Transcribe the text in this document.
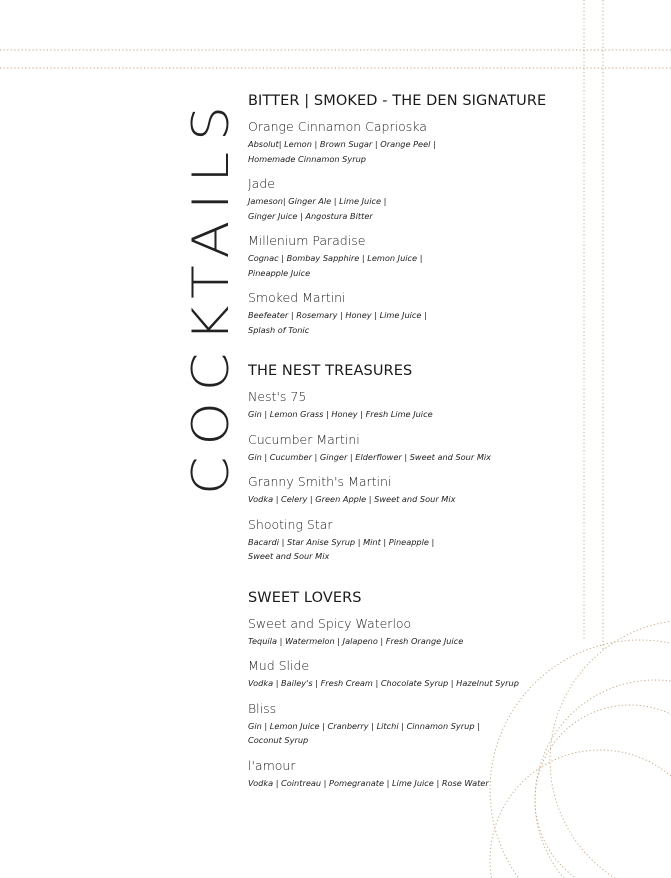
COCKTAILS
BITTER | SMOKED - THE DEN SIGNATURE
Orange Cinnamon Caprioska
Absolut| Lemon | Brown Sugar | Orange Peel |
Homemade Cinnamon Syrup
Jade
Jameson| Ginger Ale | Lime Juice |
Ginger Juice | Angostura Bitter
Millenium Paradise
Cognac | Bombay Sapphire | Lemon Juice |
Pineapple Juice
Smoked Martini
Beefeater | Rosemary | Honey | Lime Juice |
Splash of Tonic
THE NEST TREASURES
Nest's 75
Gin | Lemon Grass | Honey | Fresh Lime Juice
Cucumber Martini
Gin | Cucumber | Ginger | Elderflower | Sweet and Sour Mix
Granny Smith's Martini
Vodka | Celery | Green Apple | Sweet and Sour Mix
Shooting Star
Bacardi | Star Anise Syrup | Mint | Pineapple |
Sweet and Sour Mix
SWEET LOVERS
Sweet and Spicy Waterloo
Tequila | Watermelon | Jalapeno | Fresh Orange Juice
Mud Slide
Vodka | Bailey's | Fresh Cream | Chocolate Syrup | Hazelnut Syrup
Bliss
Gin | Lemon Juice | Cranberry | Litchi | Cinnamon Syrup |
Coconut Syrup
l'amour
Vodka | Cointreau | Pomegranate | Lime Juice | Rose Water
